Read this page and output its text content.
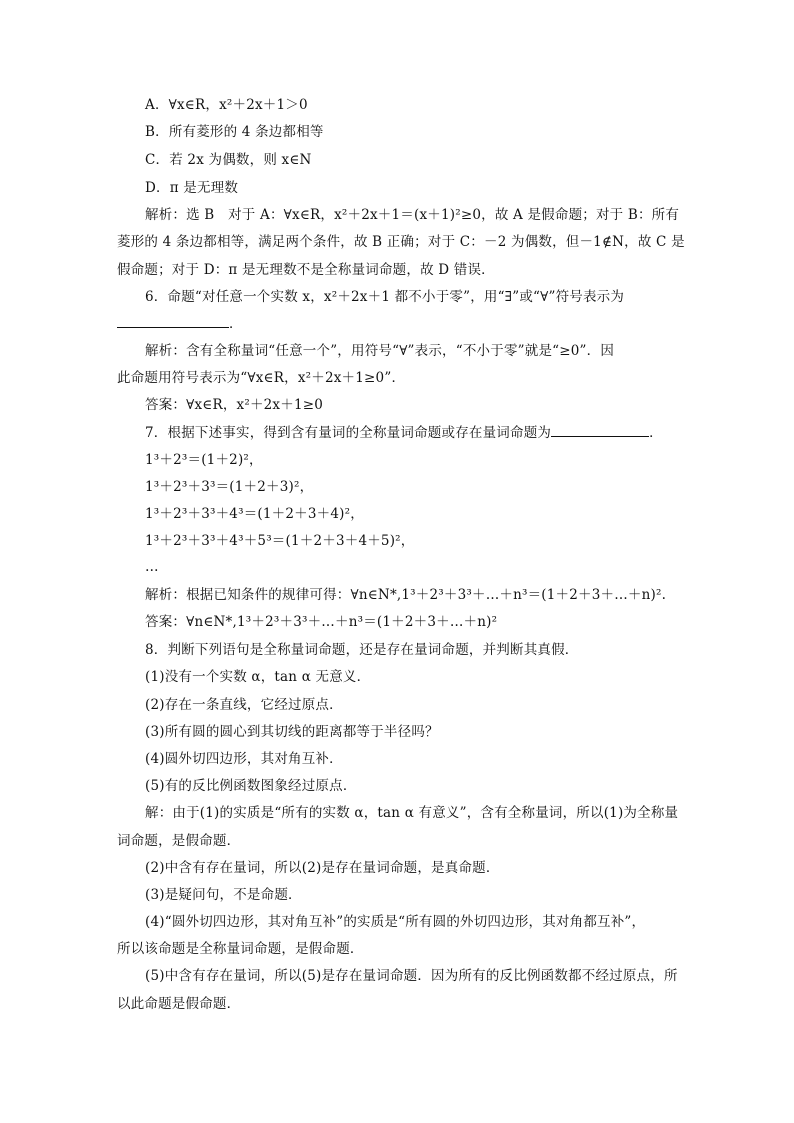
A．∀x∈R，x²＋2x＋1＞0
B．所有菱形的 4 条边都相等
C．若 2x 为偶数，则 x∈N
D．π 是无理数
解析：选 B　对于 A：∀x∈R，x²＋2x＋1＝(x＋1)²≥0，故 A 是假命题；对于 B：所有
菱形的 4 条边都相等，满足两个条件，故 B 正确；对于 C：－2 为偶数，但－1∉N，故 C 是
假命题；对于 D：π 是无理数不是全称量词命题，故 D 错误．
6．命题“对任意一个实数 x，x²＋2x＋1 都不小于零”，用“∃”或“∀”符号表示为
．
解析：含有全称量词“任意一个”，用符号“∀”表示，“不小于零”就是“≥0”．因
此命题用符号表示为“∀x∈R，x²＋2x＋1≥0”．
答案：∀x∈R，x²＋2x＋1≥0
7．根据下述事实，得到含有量词的全称量词命题或存在量词命题为	．
1³＋2³＝(1＋2)²，
1³＋2³＋3³＝(1＋2＋3)²，
1³＋2³＋3³＋4³＝(1＋2＋3＋4)²，
1³＋2³＋3³＋4³＋5³＝(1＋2＋3＋4＋5)²，
…
解析：根据已知条件的规律可得：∀n∈N*,1³＋2³＋3³＋…＋n³＝(1＋2＋3＋…＋n)².
答案：∀n∈N*,1³＋2³＋3³＋…＋n³＝(1＋2＋3＋…＋n)²
8．判断下列语句是全称量词命题，还是存在量词命题，并判断其真假．
(1)没有一个实数 α，tan α 无意义．
(2)存在一条直线，它经过原点．
(3)所有圆的圆心到其切线的距离都等于半径吗？
(4)圆外切四边形，其对角互补．
(5)有的反比例函数图象经过原点．
解：由于(1)的实质是“所有的实数 α，tan α 有意义”，含有全称量词，所以(1)为全称量
词命题，是假命题．
(2)中含有存在量词，所以(2)是存在量词命题，是真命题．
(3)是疑问句，不是命题．
(4)“圆外切四边形，其对角互补”的实质是“所有圆的外切四边形，其对角都互补”，
所以该命题是全称量词命题，是假命题．
(5)中含有存在量词，所以(5)是存在量词命题．因为所有的反比例函数都不经过原点，所
以此命题是假命题．
